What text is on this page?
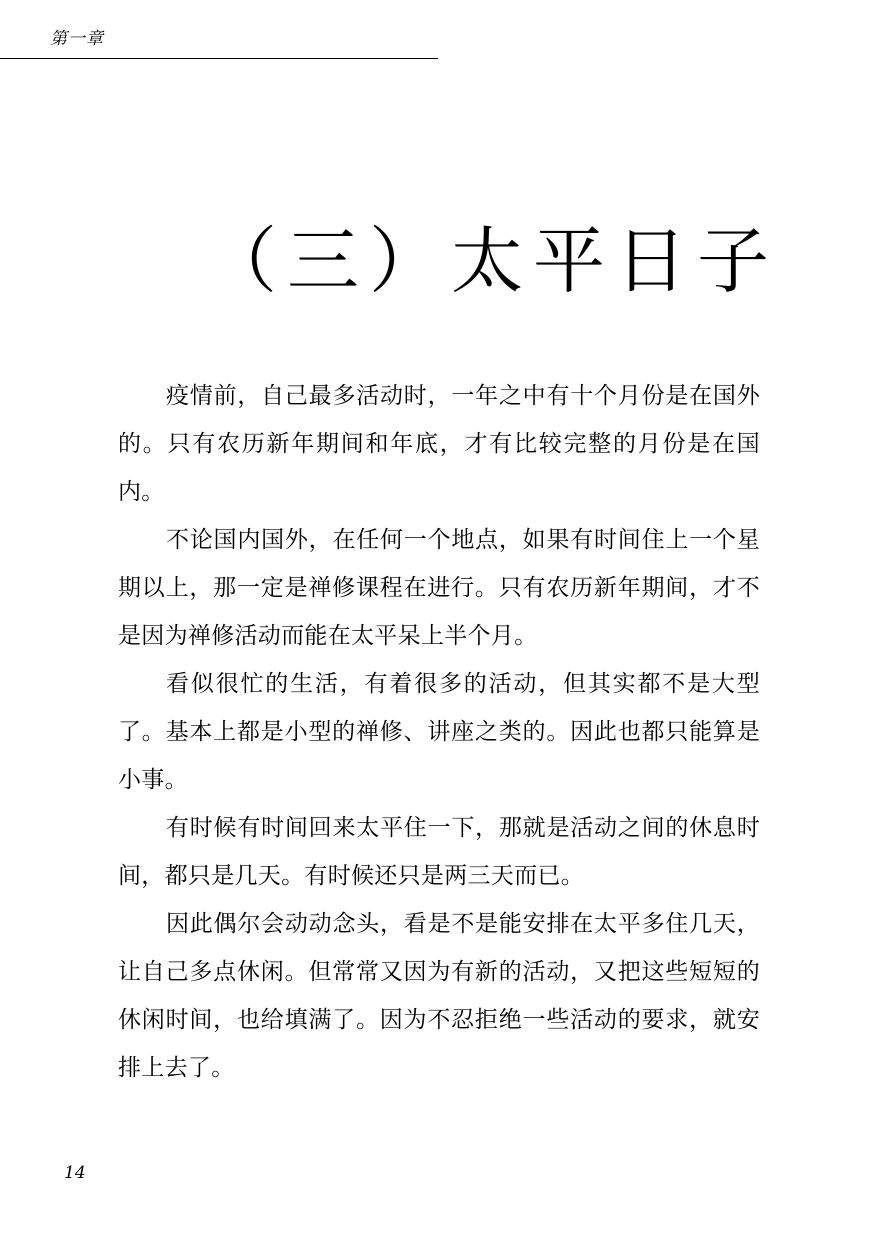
第一章
（三）太平日子

疫情前，自己最多活动时，一年之中有十个月份是在国外的。只有农历新年期间和年底，才有比较完整的月份是在国内。

不论国内国外，在任何一个地点，如果有时间住上一个星期以上，那一定是禅修课程在进行。只有农历新年期间，才不是因为禅修活动而能在太平呆上半个月。

看似很忙的生活，有着很多的活动，但其实都不是大型了。基本上都是小型的禅修、讲座之类的。因此也都只能算是小事。

有时候有时间回来太平住一下，那就是活动之间的休息时间，都只是几天。有时候还只是两三天而已。

因此偶尔会动动念头，看是不是能安排在太平多住几天，让自己多点休闲。但常常又因为有新的活动，又把这些短短的休闲时间，也给填满了。因为不忍拒绝一些活动的要求，就安排上去了。

14
